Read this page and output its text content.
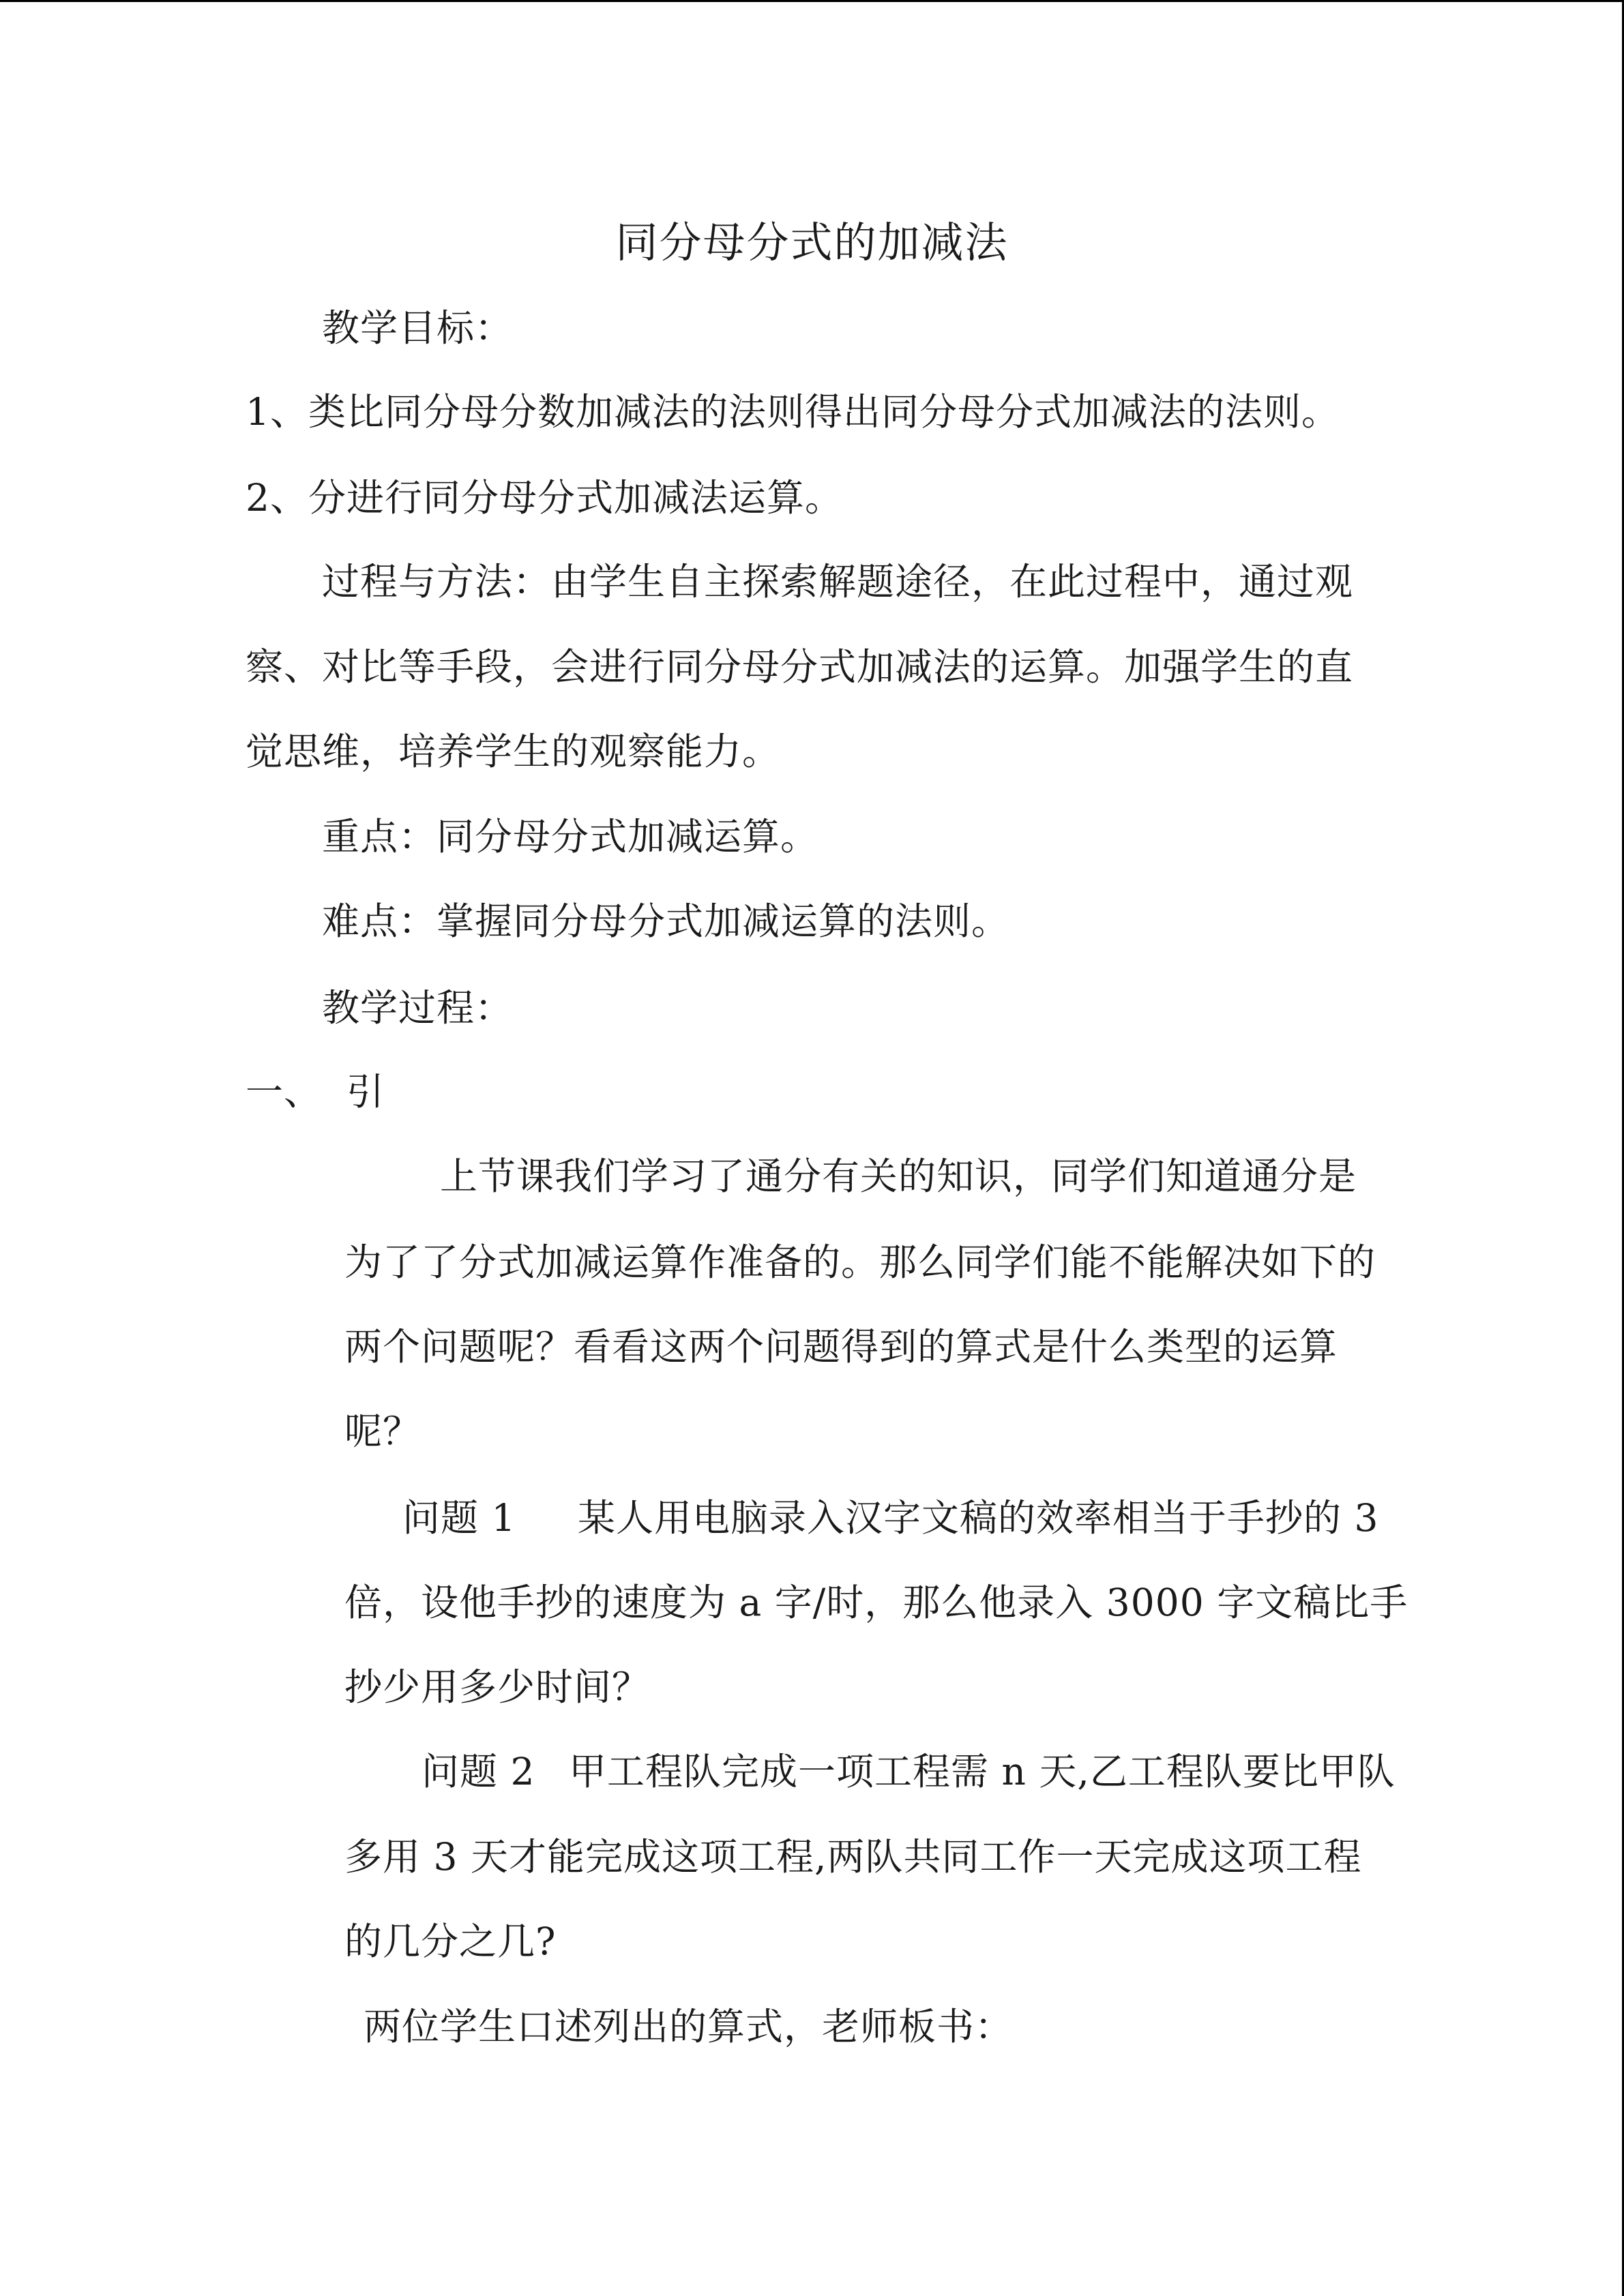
同分母分式的加减法
教学目标：
1、类比同分母分数加减法的法则得出同分母分式加减法的法则。
2、分进行同分母分式加减法运算。
过程与方法：由学生自主探索解题途径，在此过程中，通过观
察、对比等手段，会进行同分母分式加减法的运算。加强学生的直
觉思维，培养学生的观察能力。
重点：同分母分式加减运算。
难点：掌握同分母分式加减运算的法则。
教学过程：
一、 引
上节课我们学习了通分有关的知识，同学们知道通分是
为了了分式加减运算作准备的。那么同学们能不能解决如下的
两个问题呢？看看这两个问题得到的算式是什么类型的运算
呢？
问题 1 某人用电脑录入汉字文稿的效率相当于手抄的 3
倍，设他手抄的速度为 a 字/时，那么他录入 3000 字文稿比手
抄少用多少时间？
问题 2 甲工程队完成一项工程需 n 天,乙工程队要比甲队
多用 3 天才能完成这项工程,两队共同工作一天完成这项工程
的几分之几?
两位学生口述列出的算式，老师板书：
